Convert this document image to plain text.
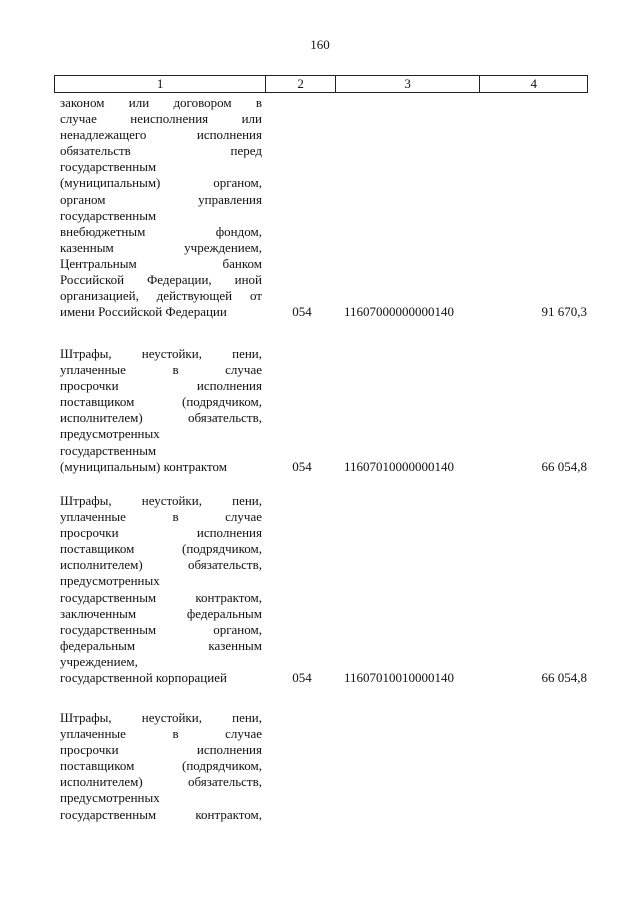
160
1	2	3	4
законом или договором в
случае неисполнения или
ненадлежащего исполнения
обязательств перед
государственным
(муниципальным) органом,
органом управления
государственным
внебюджетным фондом,
казенным учреждением,
Центральным банком
Российской Федерации, иной
организацией, действующей от
имени Российской Федерации	054	11607000000000140	91 670,3
Штрафы, неустойки, пени,
уплаченные в случае
просрочки исполнения
поставщиком (подрядчиком,
исполнителем) обязательств,
предусмотренных
государственным
(муниципальным) контрактом	054	11607010000000140	66 054,8
Штрафы, неустойки, пени,
уплаченные в случае
просрочки исполнения
поставщиком (подрядчиком,
исполнителем) обязательств,
предусмотренных
государственным контрактом,
заключенным федеральным
государственным органом,
федеральным казенным
учреждением,
государственной корпорацией	054	11607010010000140	66 054,8
Штрафы, неустойки, пени,
уплаченные в случае
просрочки исполнения
поставщиком (подрядчиком,
исполнителем) обязательств,
предусмотренных
государственным контрактом,
